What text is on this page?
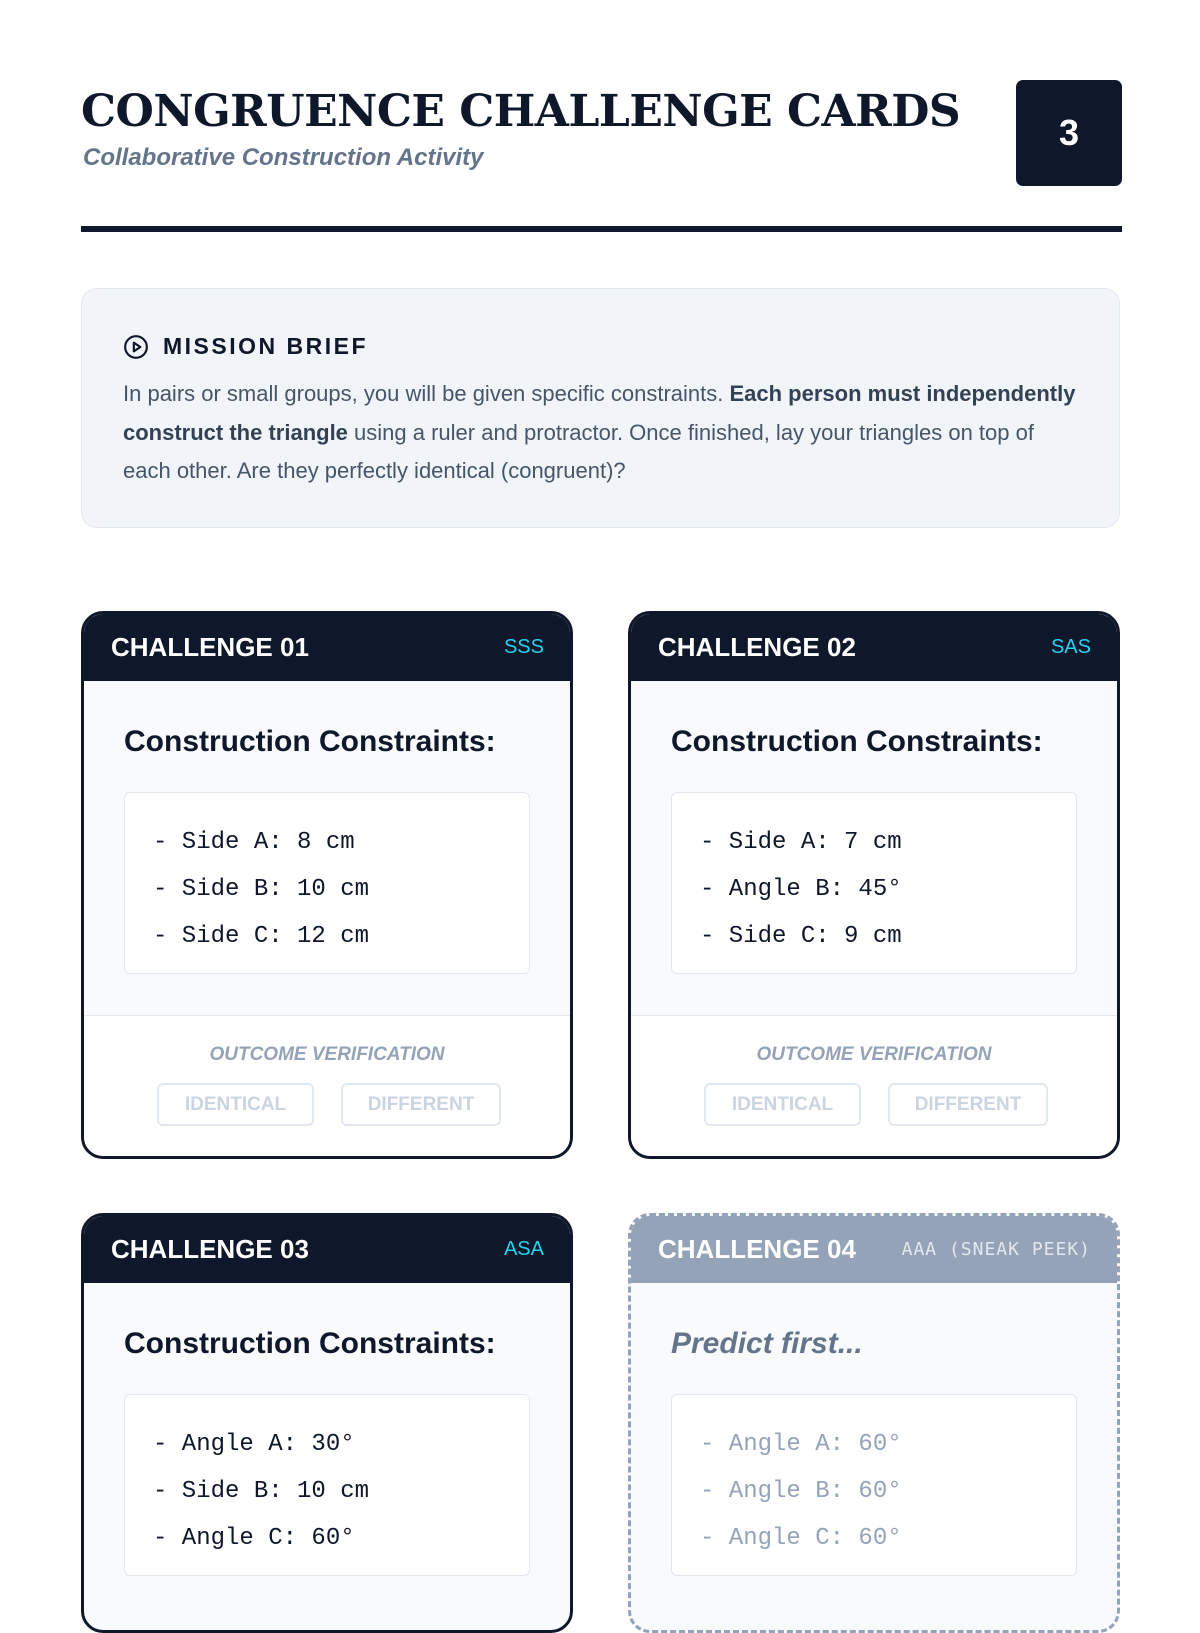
CONGRUENCE CHALLENGE CARDS
Collaborative Construction Activity
3
MISSION BRIEF

In pairs or small groups, you will be given specific constraints. Each person must independently construct the triangle using a ruler and protractor. Once finished, lay your triangles on top of each other. Are they perfectly identical (congruent)?

CHALLENGE 01	SSS
Construction Constraints:
- Side A: 8 cm
- Side B: 10 cm
- Side C: 12 cm
OUTCOME VERIFICATION
IDENTICAL	DIFFERENT
CHALLENGE 02	SAS
Construction Constraints:
- Side A: 7 cm
- Angle B: 45°
- Side C: 9 cm
OUTCOME VERIFICATION
IDENTICAL	DIFFERENT
CHALLENGE 03	ASA
Construction Constraints:
- Angle A: 30°
- Side B: 10 cm
- Angle C: 60°
CHALLENGE 04	AAA (SNEAK PEEK)
Predict first...
- Angle A: 60°
- Angle B: 60°
- Angle C: 60°
